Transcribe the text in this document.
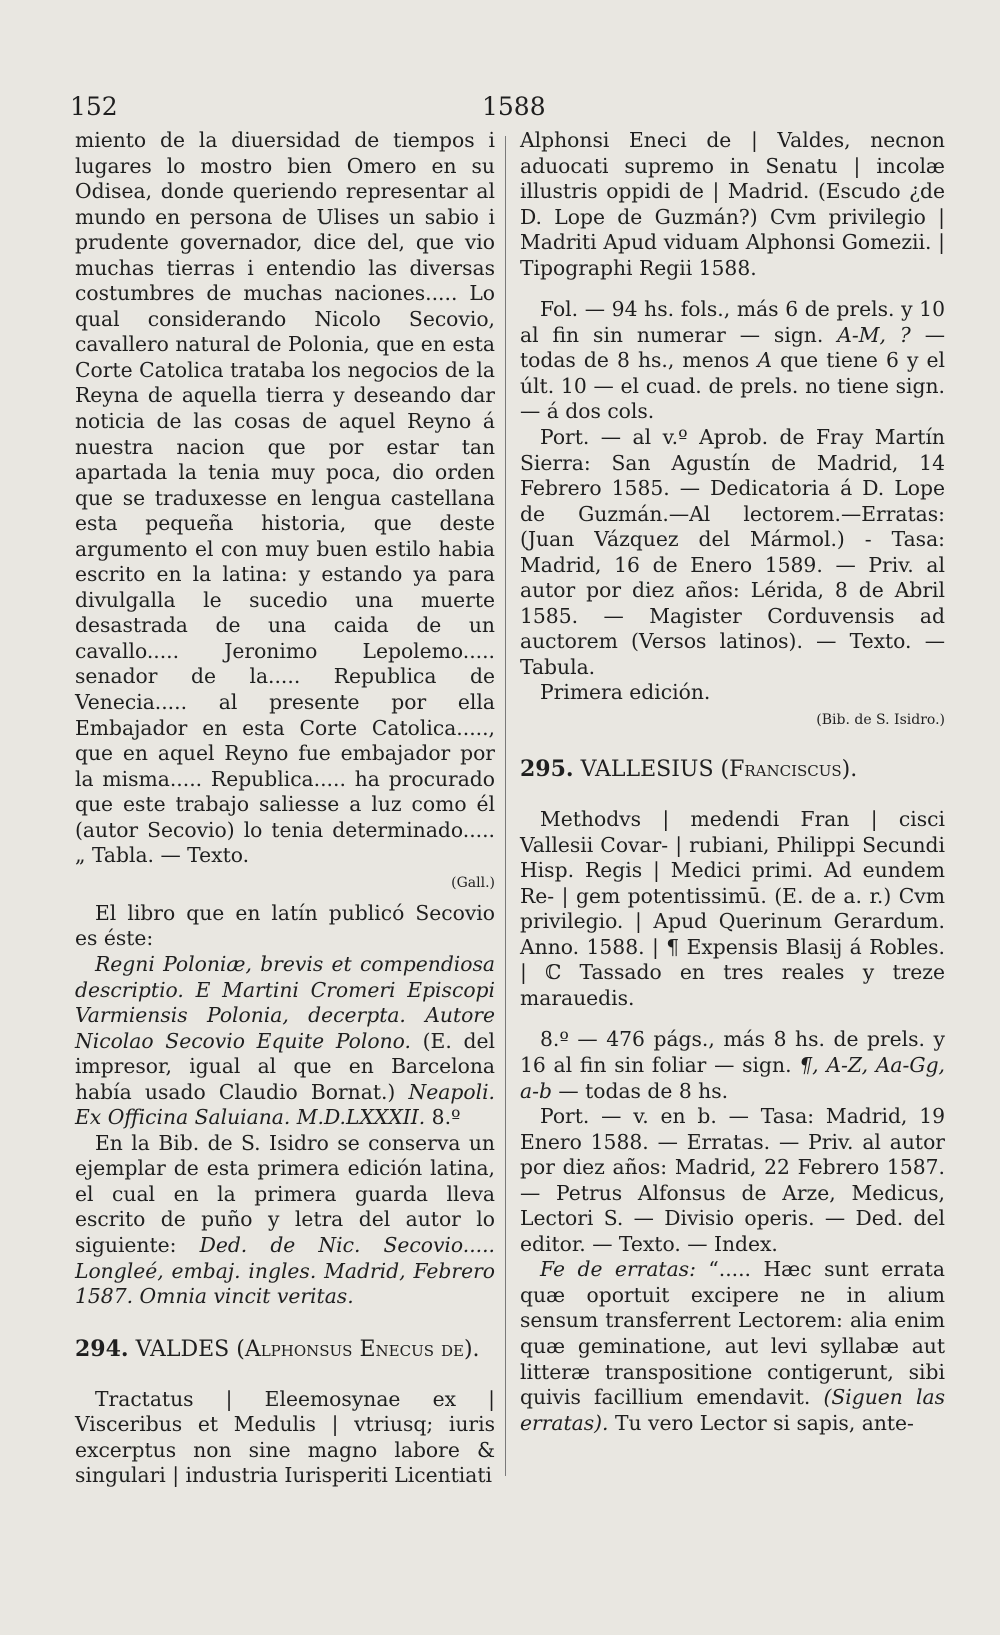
152	1588

miento de la diuersidad de tiempos i lugares lo mostro bien Omero en su Odisea, donde queriendo representar al mundo en persona de Ulises un sabio i prudente governador, dice del, que vio muchas tierras i entendio las diversas costumbres de muchas naciones..... Lo qual considerando Nicolo Secovio, cavallero natural de Polonia, que en esta Corte Catolica trataba los negocios de la Reyna de aquella tierra y deseando dar noticia de las cosas de aquel Reyno á nuestra nacion que por estar tan apartada la tenia muy poca, dio orden que se traduxesse en lengua castellana esta pequeña historia, que deste argumento el con muy buen estilo habia escrito en la latina: y estando ya para divulgalla le sucedio una muerte desastrada de una caida de un cavallo..... Jeronimo Lepolemo..... senador de la..... Republica de Venecia..... al presente por ella Embajador en esta Corte Catolica....., que en aquel Reyno fue embajador por la misma..... Republica..... ha procurado que este trabajo saliesse a luz como él (autor Secovio) lo tenia determinado..... „ Tabla. — Texto.

(Gall.)

El libro que en latín publicó Secovio es éste:

Regni Poloniæ, brevis et compendiosa descriptio. E Martini Cromeri Episcopi Varmiensis Polonia, decerpta. Autore Nicolao Secovio Equite Polono. (E. del impresor, igual al que en Barcelona había usado Claudio Bornat.) Neapoli. Ex Officina Saluiana. M.D.LXXXII. 8.º

En la Bib. de S. Isidro se conserva un ejemplar de esta primera edición latina, el cual en la primera guarda lleva escrito de puño y letra del autor lo siguiente: Ded. de Nic. Secovio..... Longleé, embaj. ingles. Madrid, Febrero 1587. Omnia vincit veritas.

294. VALDES (Alphonsus Enecus de).

Tractatus | Eleemosynae ex | Visceribus et Medulis | vtriusq; iuris excerptus non sine magno labore & singulari | industria Iurisperiti Licentiati

Alphonsi Eneci de | Valdes, necnon aduocati supremo in Senatu | incolæ illustris oppidi de | Madrid. (Escudo ¿de D. Lope de Guzmán?) Cvm privilegio | Madriti Apud viduam Alphonsi Gomezii. | Tipographi Regii 1588.

Fol. — 94 hs. fols., más 6 de prels. y 10 al fin sin numerar — sign. A-M, ? — todas de 8 hs., menos A que tiene 6 y el últ. 10 — el cuad. de prels. no tiene sign. — á dos cols.

Port. — al v.º Aprob. de Fray Martín Sierra: San Agustín de Madrid, 14 Febrero 1585. — Dedicatoria á D. Lope de Guzmán.—Al lectorem.—Erratas: (Juan Vázquez del Mármol.) - Tasa: Madrid, 16 de Enero 1589. — Priv. al autor por diez años: Lérida, 8 de Abril 1585. — Magister Corduvensis ad auctorem (Versos latinos). — Texto. — Tabula.

Primera edición.

(Bib. de S. Isidro.)

295. VALLESIUS (Franciscus).

Methodvs | medendi Fran | cisci Vallesii Covar- | rubiani, Philippi Secundi Hisp. Regis | Medici primi. Ad eundem Re- | gem potentissimū. (E. de a. r.) Cvm privilegio. | Apud Querinum Gerardum. Anno. 1588. | ¶ Expensis Blasij á Robles. | ℂ Tassado en tres reales y treze marauedis.

8.º — 476 págs., más 8 hs. de prels. y 16 al fin sin foliar — sign. ¶, A-Z, Aa-Gg, a-b — todas de 8 hs.

Port. — v. en b. — Tasa: Madrid, 19 Enero 1588. — Erratas. — Priv. al autor por diez años: Madrid, 22 Febrero 1587.— Petrus Alfonsus de Arze, Medicus, Lectori S. — Divisio operis. — Ded. del editor. — Texto. — Index.

Fe de erratas: “..... Hæc sunt errata quæ oportuit excipere ne in alium sensum transferrent Lectorem: alia enim quæ geminatione, aut levi syllabæ aut litteræ transpositione contigerunt, sibi quivis facillium emendavit. (Siguen las erratas). Tu vero Lector si sapis, ante-
